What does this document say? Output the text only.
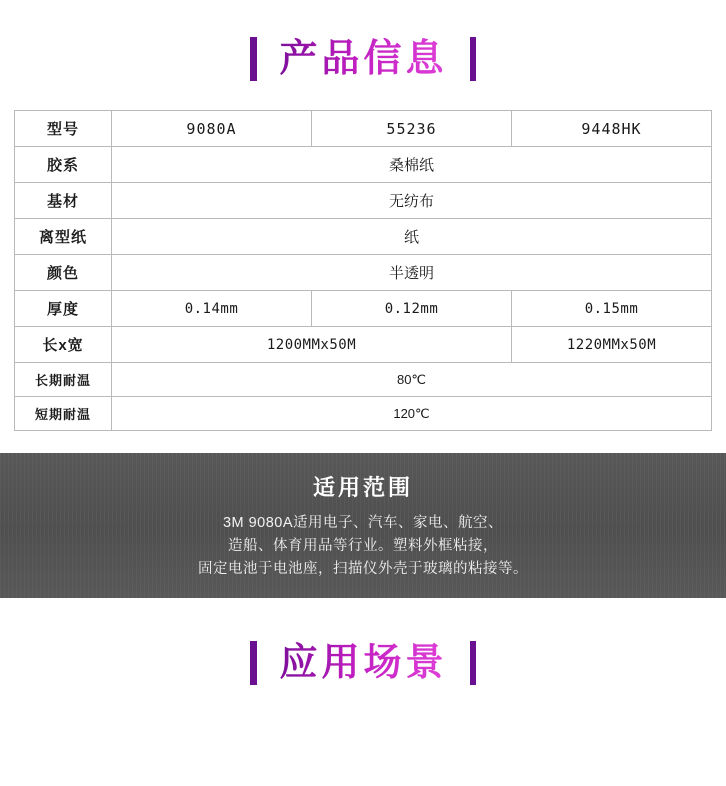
产品信息
型号	9080A	55236	9448HK
胶系	桑棉纸		
基材	无纺布		
离型纸	纸		
颜色	半透明		
厚度	0.14mm	0.12mm	0.15mm
长x宽	1200MMx50M		1220MMx50M
长期耐温	80℃		
短期耐温	120℃		
适用范围
3M 9080A适用电子、汽车、家电、航空、
造船、体育用品等行业。塑料外框粘接，
固定电池于电池座，扫描仪外壳于玻璃的粘接等。
应用场景
